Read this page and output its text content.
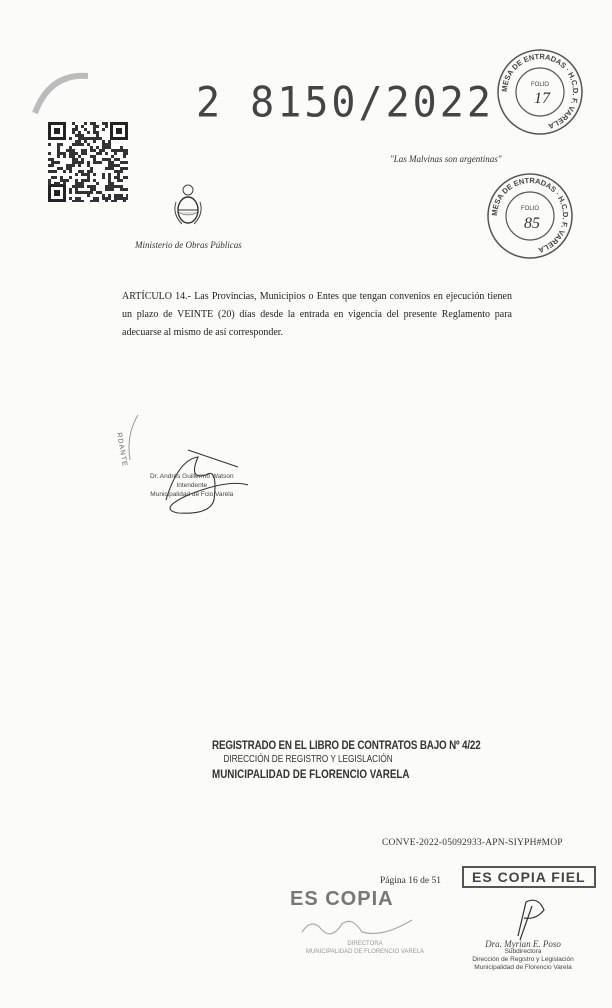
2 8150/2022 MESA DE ENTRADAS · H.C.D. F. VARELA
FOLIO
17
"Las Malvinas son argentinas"
MESA DE ENTRADAS · H.C.D. F. VARELA
FOLIO
85
Ministerio de Obras Públicas
ARTÍCULO 14.- Las Provincias, Municipios o Entes que tengan convenios en ejecución tienen un plazo de VEINTE (20) días desde la entrada en vigencia del presente Reglamento para adecuarse al mismo de así corresponder.
RDANTE
Dr. Andrés Guillermo Watson
Intendente
Municipalidad de Fcio Varela
REGISTRADO EN EL LIBRO DE CONTRATOS BAJO Nº 4/22
DIRECCIÓN DE REGISTRO Y LEGISLACIÓN
MUNICIPALIDAD DE FLORENCIO VARELA
CONVE-2022-05092933-APN-SIYPH#MOP
ES COPIA FIEL
Página 16 de 51
ES COPIA
DIRECTORA
MUNICIPALIDAD DE FLORENCIO VARELA
Dra. Myrian E. Poso
Subdirectora
Dirección de Registro y Legislación
Municipalidad de Florencio Varela
